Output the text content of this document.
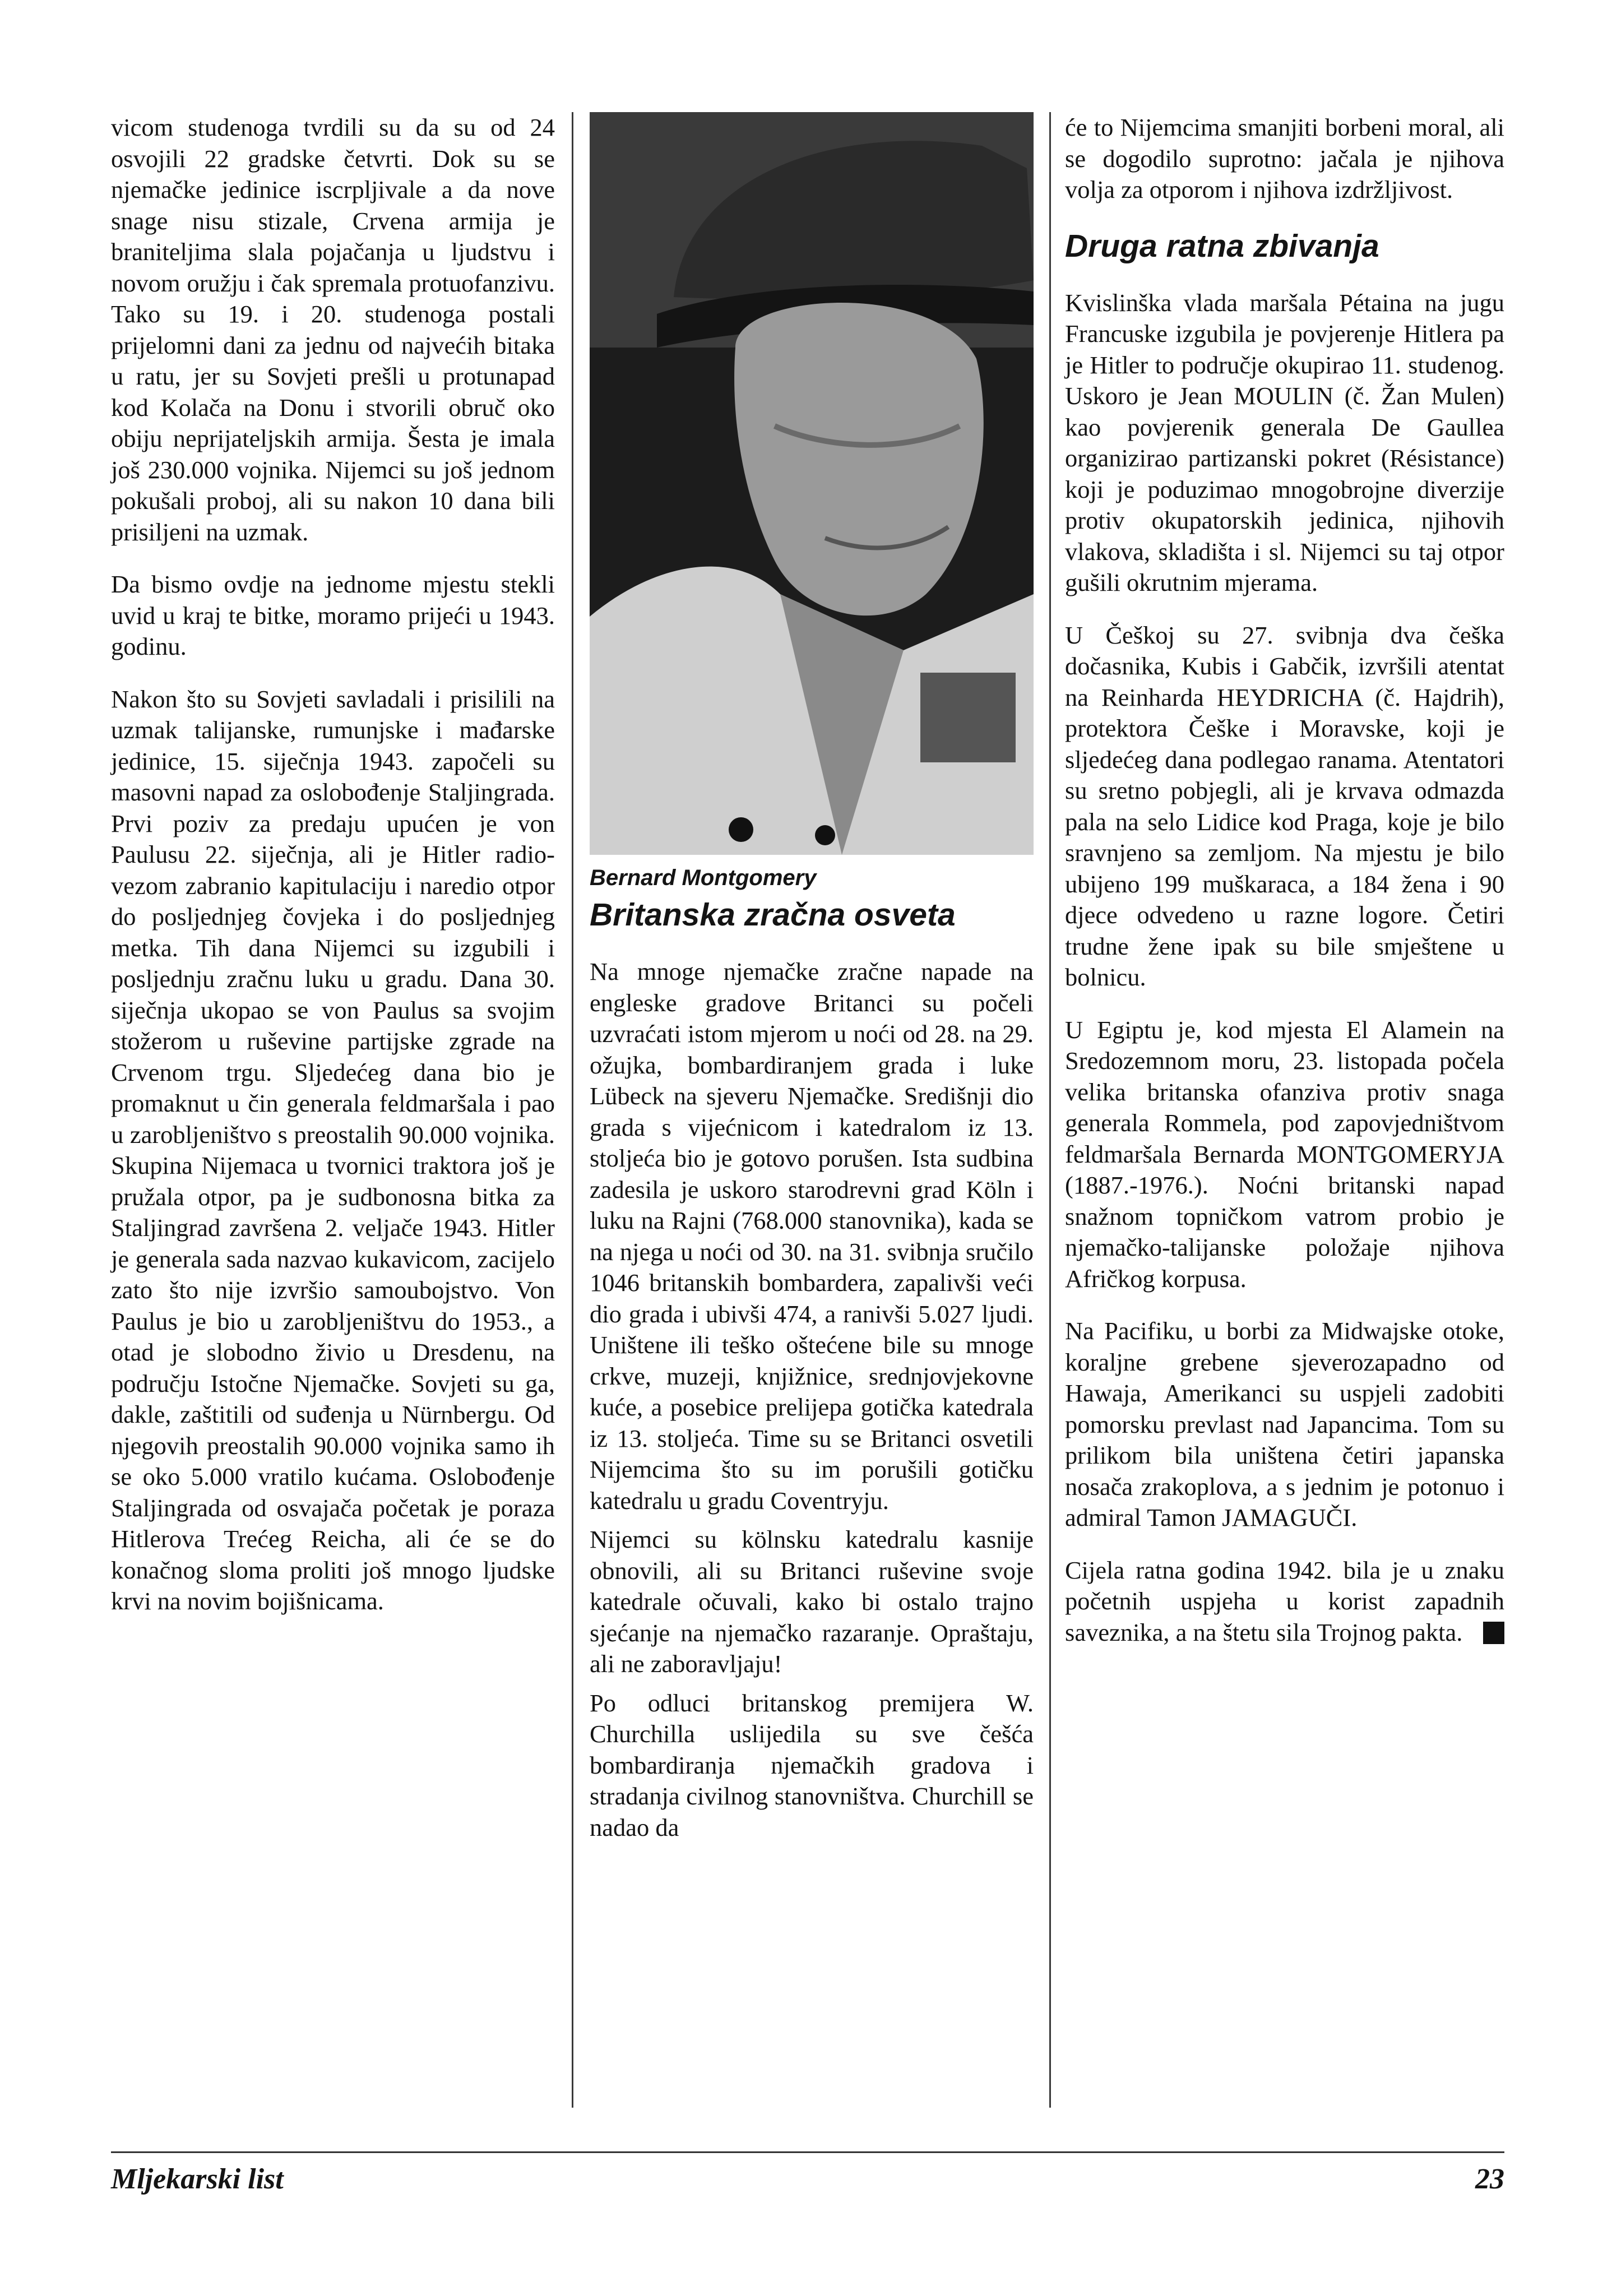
vicom studenoga tvrdili su da su od 24 osvojili 22 gradske četvrti. Dok su se njemačke jedinice iscrpljivale a da nove snage nisu stizale, Crvena armija je braniteljima slala pojačanja u ljudstvu i novom oružju i čak spremala protuofanzivu. Tako su 19. i 20. studenoga postali prijelomni dani za jednu od najvećih bitaka u ratu, jer su Sovjeti prešli u protunapad kod Kolača na Donu i stvorili obruč oko obiju neprijateljskih armija. Šesta je imala još 230.000 vojnika. Nijemci su još jednom pokušali proboj, ali su nakon 10 dana bili prisiljeni na uzmak.

Da bismo ovdje na jednome mjestu stekli uvid u kraj te bitke, moramo prijeći u 1943. godinu.

Nakon što su Sovjeti savladali i prisilili na uzmak talijanske, rumunjske i mađarske jedinice, 15. siječnja 1943. započeli su masovni napad za oslobođenje Staljingrada. Prvi poziv za predaju upućen je von Paulusu 22. siječnja, ali je Hitler radio-vezom zabranio kapitulaciju i naredio otpor do posljednjeg čovjeka i do posljednjeg metka. Tih dana Nijemci su izgubili i posljednju zračnu luku u gradu. Dana 30. siječnja ukopao se von Paulus sa svojim stožerom u ruševine partijske zgrade na Crvenom trgu. Sljedećeg dana bio je promaknut u čin generala feldmaršala i pao u zarobljeništvo s preostalih 90.000 vojnika. Skupina Nijemaca u tvornici traktora još je pružala otpor, pa je sudbonosna bitka za Staljingrad završena 2. veljače 1943. Hitler je generala sada nazvao kukavicom, zacijelo zato što nije izvršio samoubojstvo. Von Paulus je bio u zarobljeništvu do 1953., a otad je slobodno živio u Dresdenu, na području Istočne Njemačke. Sovjeti su ga, dakle, zaštitili od suđenja u Nürnbergu. Od njegovih preostalih 90.000 vojnika samo ih se oko 5.000 vratilo kućama. Oslobođenje Staljingrada od osvajača početak je poraza Hitlerova Trećeg Reicha, ali će se do konačnog sloma proliti još mnogo ljudske krvi na novim bojišnicama.

Bernard Montgomery
Britanska zračna osveta

Na mnoge njemačke zračne napade na engleske gradove Britanci su počeli uzvraćati istom mjerom u noći od 28. na 29. ožujka, bombardiranjem grada i luke Lübeck na sjeveru Njemačke. Središnji dio grada s vijećnicom i katedralom iz 13. stoljeća bio je gotovo porušen. Ista sudbina zadesila je uskoro starodrevni grad Köln i luku na Rajni (768.000 stanovnika), kada se na njega u noći od 30. na 31. svibnja sručilo 1046 britanskih bombardera, zapalivši veći dio grada i ubivši 474, a ranivši 5.027 ljudi. Uništene ili teško oštećene bile su mnoge crkve, muzeji, knjižnice, srednjovjekovne kuće, a posebice prelijepa gotička katedrala iz 13. stoljeća. Time su se Britanci osvetili Nijemcima što su im porušili gotičku katedralu u gradu Coventryju.

Nijemci su kölnsku katedralu kasnije obnovili, ali su Britanci ruševine svoje katedrale očuvali, kako bi ostalo trajno sjećanje na njemačko razaranje. Opraštaju, ali ne zaboravljaju!

Po odluci britanskog premijera W. Churchilla uslijedila su sve češća bombardiranja njemačkih gradova i stradanja civilnog stanovništva. Churchill se nadao da

će to Nijemcima smanjiti borbeni moral, ali se dogodilo suprotno: jačala je njihova volja za otporom i njihova izdržljivost.

Druga ratna zbivanja

Kvislinška vlada maršala Pétaina na jugu Francuske izgubila je povjerenje Hitlera pa je Hitler to područje okupirao 11. studenog. Uskoro je Jean MOULIN (č. Žan Mulen) kao povjerenik generala De Gaullea organizirao partizanski pokret (Résistance) koji je poduzimao mnogobrojne diverzije protiv okupatorskih jedinica, njihovih vlakova, skladišta i sl. Nijemci su taj otpor gušili okrutnim mjerama.

U Češkoj su 27. svibnja dva češka dočasnika, Kubis i Gabčik, izvršili atentat na Reinharda HEYDRICHA (č. Hajdrih), protektora Češke i Moravske, koji je sljedećeg dana podlegao ranama. Atentatori su sretno pobjegli, ali je krvava odmazda pala na selo Lidice kod Praga, koje je bilo sravnjeno sa zemljom. Na mjestu je bilo ubijeno 199 muškaraca, a 184 žena i 90 djece odvedeno u razne logore. Četiri trudne žene ipak su bile smještene u bolnicu.

U Egiptu je, kod mjesta El Alamein na Sredozemnom moru, 23. listopada počela velika britanska ofanziva protiv snaga generala Rommela, pod zapovjedništvom feldmaršala Bernarda MONTGOMERYJA (1887.-1976.). Noćni britanski napad snažnom topničkom vatrom probio je njemačko-talijanske položaje njihova Afričkog korpusa.

Na Pacifiku, u borbi za Midwajske otoke, koraljne grebene sjeverozapadno od Hawaja, Amerikanci su uspjeli zadobiti pomorsku prevlast nad Japancima. Tom su prilikom bila uništena četiri japanska nosača zrakoplova, a s jednim je potonuo i admiral Tamon JAMAGUČI.

Cijela ratna godina 1942. bila je u znaku početnih uspjeha u korist zapadnih saveznika, a na štetu sila Trojnog pakta.

Mljekarski list	23
